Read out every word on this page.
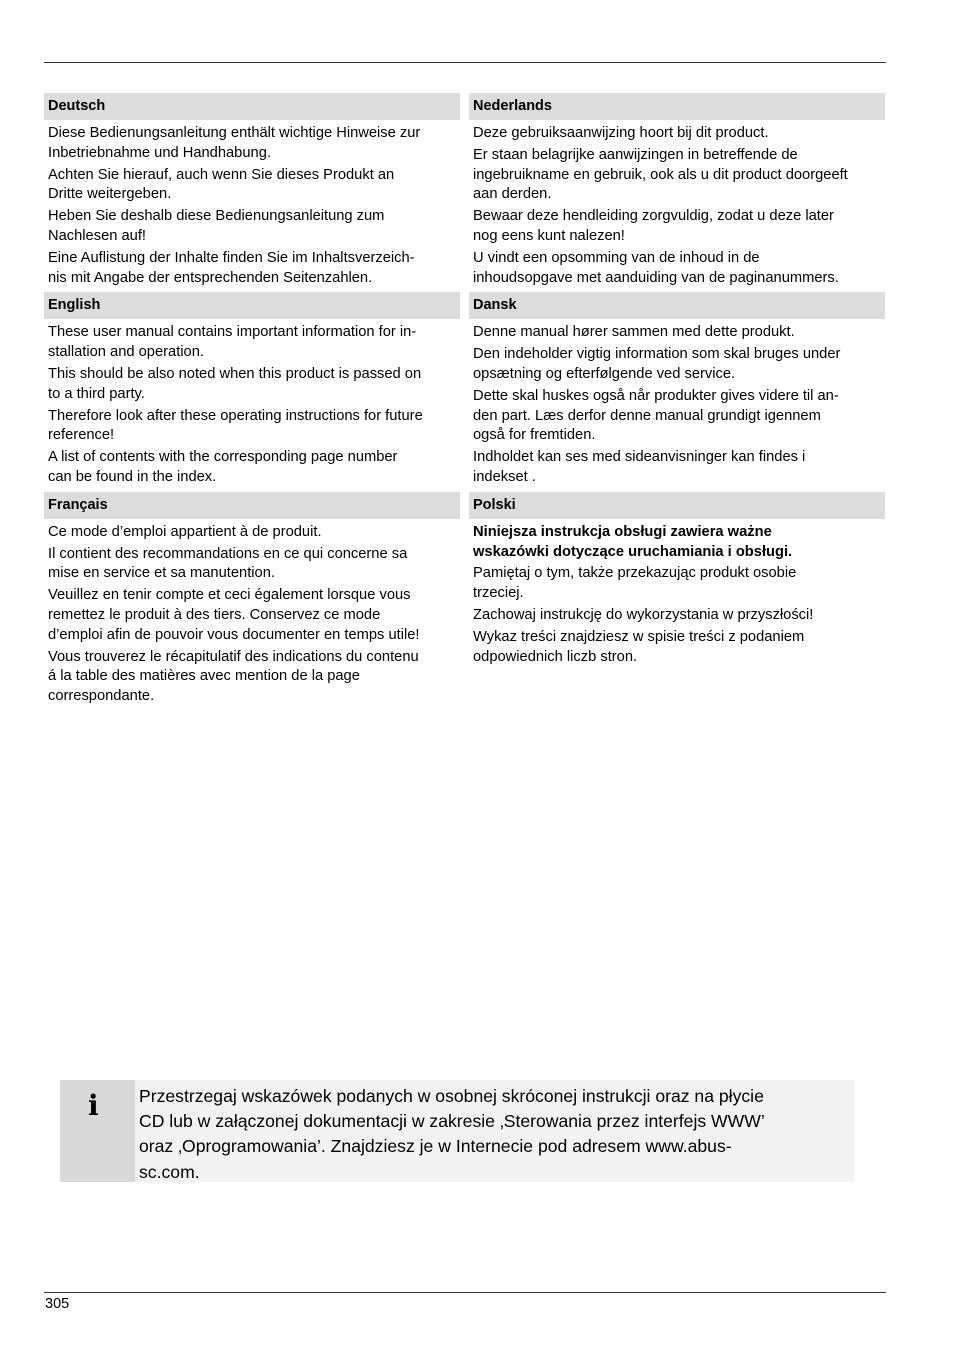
Deutsch

Diese Bedienungsanleitung enthält wichtige Hinweise zur
Inbetriebnahme und Handhabung.

Achten Sie hierauf, auch wenn Sie dieses Produkt an
Dritte weitergeben.

Heben Sie deshalb diese Bedienungsanleitung zum
Nachlesen auf!

Eine Auflistung der Inhalte finden Sie im Inhaltsverzeich-
nis mit Angabe der entsprechenden Seitenzahlen.

English

These user manual contains important information for in-
stallation and operation.

This should be also noted when this product is passed on
to a third party.

Therefore look after these operating instructions for future
reference!

A list of contents with the corresponding page number
can be found in the index.

Français

Ce mode d’emploi appartient à de produit.

Il contient des recommandations en ce qui concerne sa
mise en service et sa manutention.

Veuillez en tenir compte et ceci également lorsque vous
remettez le produit à des tiers. Conservez ce mode
d’emploi afin de pouvoir vous documenter en temps utile!

Vous trouverez le récapitulatif des indications du contenu
á la table des matières avec mention de la page
correspondante.

Nederlands

Deze gebruiksaanwijzing hoort bij dit product.

Er staan belagrijke aanwijzingen in betreffende de
ingebruikname en gebruik, ook als u dit product doorgeeft
aan derden.

Bewaar deze hendleiding zorgvuldig, zodat u deze later
nog eens kunt nalezen!

U vindt een opsomming van de inhoud in de
inhoudsopgave met aanduiding van de paginanummers.

Dansk

Denne manual hører sammen med dette produkt.

Den indeholder vigtig information som skal bruges under
opsætning og efterfølgende ved service.

Dette skal huskes også når produkter gives videre til an-
den part. Læs derfor denne manual grundigt igennem
også for fremtiden.

Indholdet kan ses med sideanvisninger kan findes i
indekset .

Polski

Niniejsza instrukcja obsługi zawiera ważne
wskazówki dotyczące uruchamiania i obsługi.

Pamiętaj o tym, także przekazując produkt osobie
trzeciej.

Zachowaj instrukcję do wykorzystania w przyszłości!

Wykaz treści znajdziesz w spisie treści z podaniem
odpowiednich liczb stron.

i Przestrzegaj wskazówek podanych w osobnej skróconej instrukcji oraz na płycie
CD lub w załączonej dokumentacji w zakresie ‚Sterowania przez interfejs WWW’
oraz ‚Oprogramowania’. Znajdziesz je w Internecie pod adresem www.abus-
sc.com.
305
